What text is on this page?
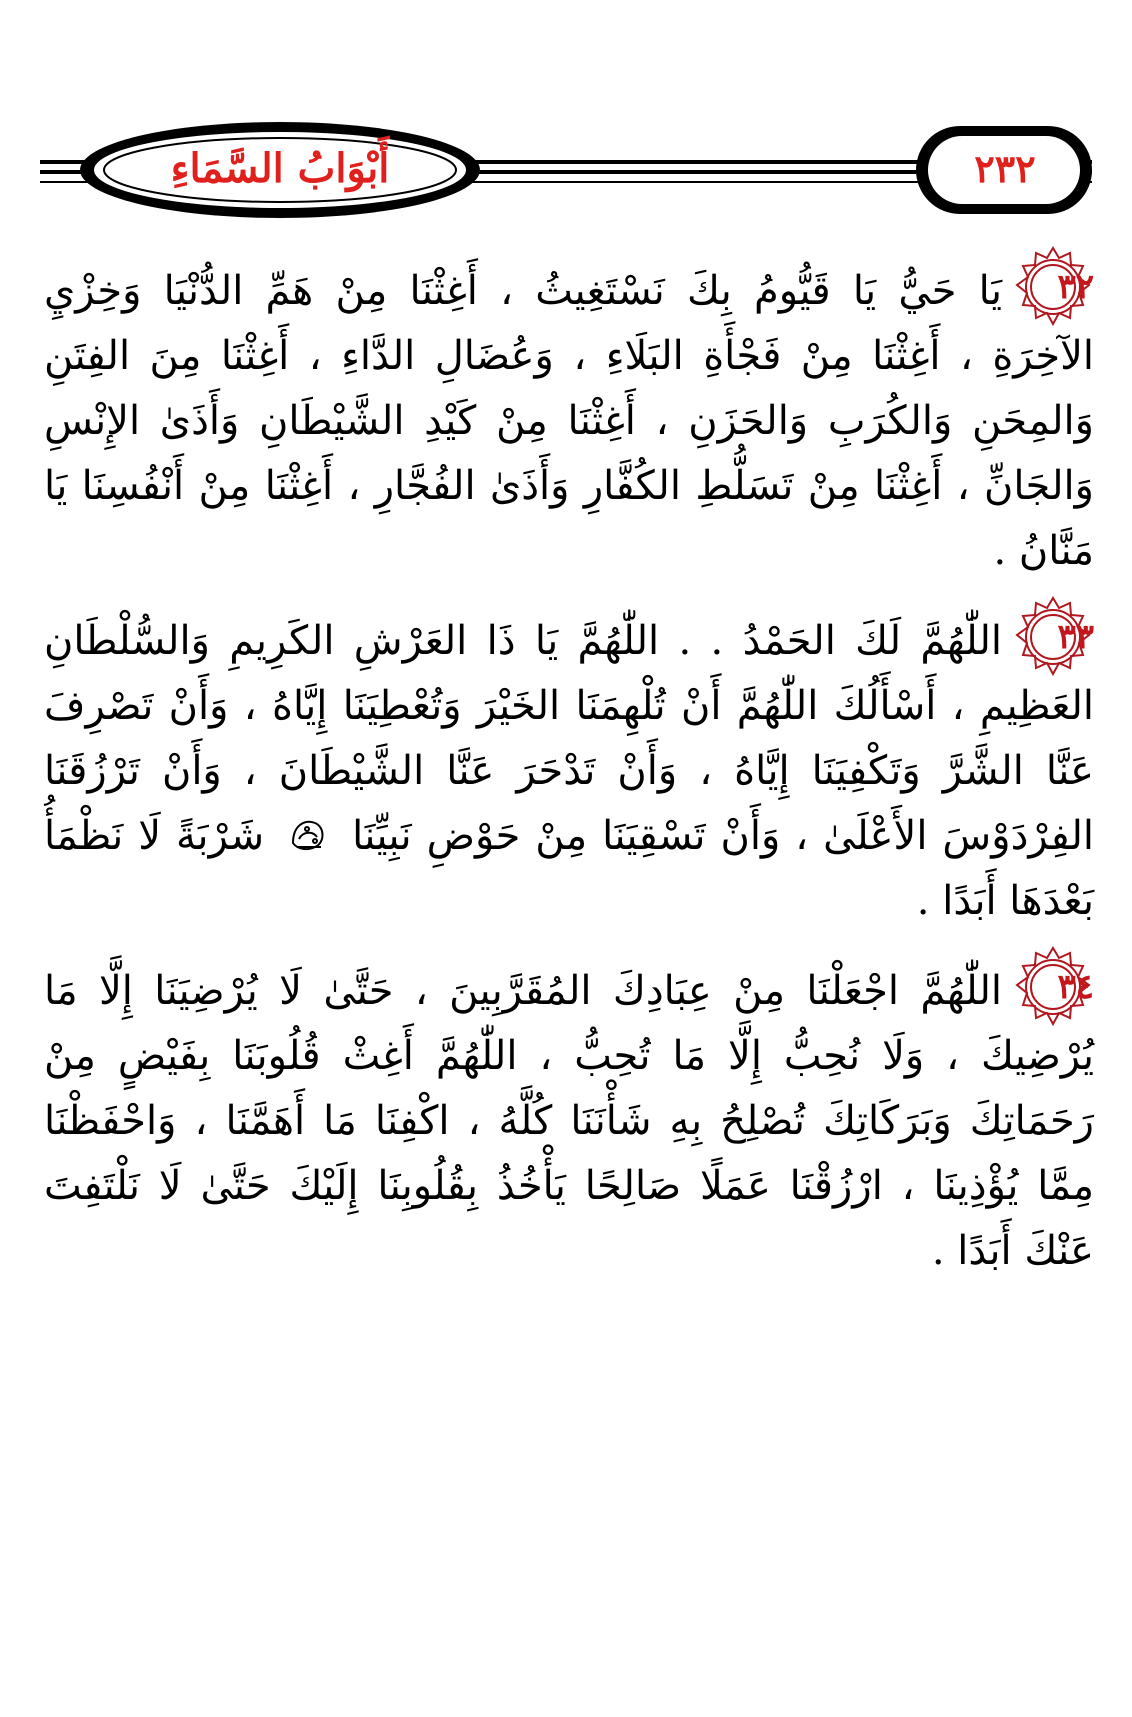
أَبْوَابُ السَّمَاءِ	٢٣٢

٣٢
يَا حَيُّ يَا قَيُّومُ بِكَ نَسْتَغِيثُ ، أَغِثْنَا مِنْ هَمِّ الدُّنْيَا وَخِزْيِ الآخِرَةِ ، أَغِثْنَا مِنْ فَجْأَةِ البَلَاءِ ، وَعُضَالِ الدَّاءِ ، أَغِثْنَا مِنَ الفِتَنِ وَالمِحَنِ وَالكُرَبِ وَالحَزَنِ ، أَغِثْنَا مِنْ كَيْدِ الشَّيْطَانِ وَأَذَىٰ الإِنْسِ وَالجَانِّ ، أَغِثْنَا مِنْ تَسَلُّطِ الكُفَّارِ وَأَذَىٰ الفُجَّارِ ، أَغِثْنَا مِنْ أَنْفُسِنَا يَا مَنَّانُ .

٣٣
اللّٰهُمَّ لَكَ الحَمْدُ . . اللّٰهُمَّ يَا ذَا العَرْشِ الكَرِيمِ وَالسُّلْطَانِ العَظِيمِ ، أَسْأَلُكَ اللّٰهُمَّ أَنْ تُلْهِمَنَا الخَيْرَ وَتُعْطِيَنَا إِيَّاهُ ، وَأَنْ تَصْرِفَ عَنَّا الشَّرَّ وَتَكْفِيَنَا إِيَّاهُ ، وَأَنْ تَدْحَرَ عَنَّا الشَّيْطَانَ ، وَأَنْ تَرْزُقَنَا الفِرْدَوْسَ الأَعْلَىٰ ، وَأَنْ تَسْقِيَنَا مِنْ حَوْضِ نَبِيِّنَا  شَرْبَةً لَا نَظْمَأُ بَعْدَهَا أَبَدًا .

٣٤
اللّٰهُمَّ اجْعَلْنَا مِنْ عِبَادِكَ المُقَرَّبِينَ ، حَتَّىٰ لَا يُرْضِيَنَا إِلَّا مَا يُرْضِيكَ ، وَلَا نُحِبُّ إِلَّا مَا تُحِبُّ ، اللّٰهُمَّ أَغِثْ قُلُوبَنَا بِفَيْضٍ مِنْ رَحَمَاتِكَ وَبَرَكَاتِكَ تُصْلِحُ بِهِ شَأْنَنَا كُلَّهُ ، اكْفِنَا مَا أَهَمَّنَا ، وَاحْفَظْنَا مِمَّا يُؤْذِينَا ، ارْزُقْنَا عَمَلًا صَالِحًا يَأْخُذُ بِقُلُوبِنَا إِلَيْكَ حَتَّىٰ لَا نَلْتَفِتَ عَنْكَ أَبَدًا .
